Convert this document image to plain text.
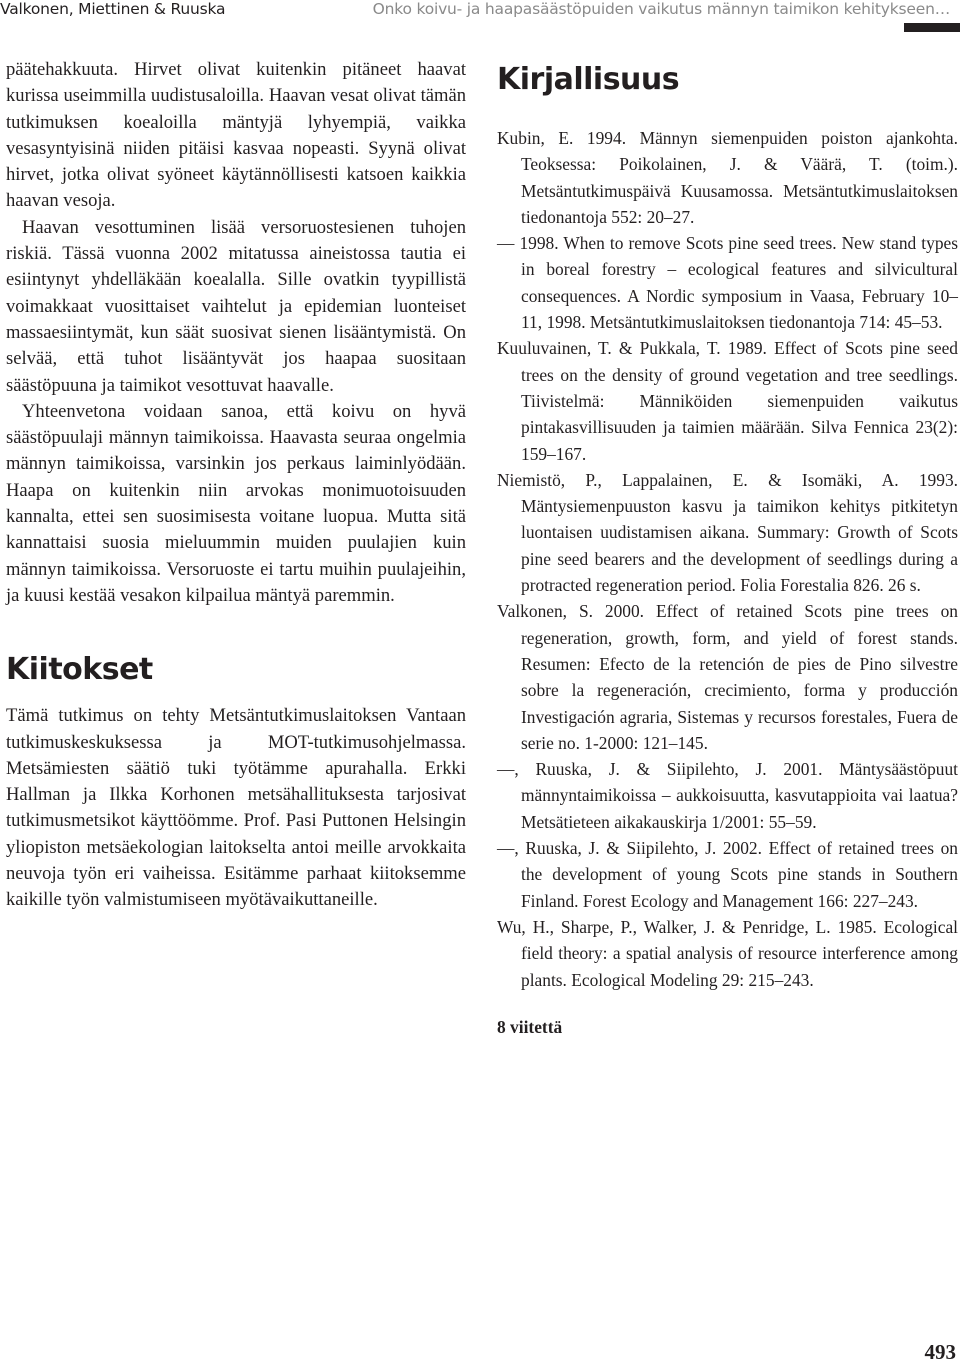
Valkonen, Miettinen & Ruuska	Onko koivu- ja haapasäästöpuiden vaikutus männyn taimikon kehitykseen…

päätehakkuuta. Hirvet olivat kuitenkin pitäneet haavat kurissa useimmilla uudistusaloilla. Haavan vesat olivat tämän tutkimuksen koealoilla mäntyjä lyhyempiä, vaikka vesasyntyisinä niiden pitäisi kasvaa nopeasti. Syynä olivat hirvet, jotka olivat syöneet käytännöllisesti katsoen kaikkia haavan vesoja.

Haavan vesottuminen lisää versoruostesienen tuhojen riskiä. Tässä vuonna 2002 mitatussa aineistossa tautia ei esiintynyt yhdelläkään koealalla. Sille ovatkin tyypillistä voimakkaat vuosittaiset vaihtelut ja epidemian luonteiset massaesiintymät, kun säät suosivat sienen lisääntymistä. On selvää, että tuhot lisääntyvät jos haapaa suositaan säästöpuuna ja taimikot vesottuvat haavalle.

Yhteenvetona voidaan sanoa, että koivu on hyvä säästöpuulaji männyn taimikoissa. Haavasta seuraa ongelmia männyn taimikoissa, varsinkin jos perkaus laiminlyödään. Haapa on kuitenkin niin arvokas monimuotoisuuden kannalta, ettei sen suosimisesta voitane luopua. Mutta sitä kannattaisi suosia mieluummin muiden puulajien kuin männyn taimikoissa. Versoruoste ei tartu muihin puulajeihin, ja kuusi kestää vesakon kilpailua mäntyä paremmin.

Kiitokset

Tämä tutkimus on tehty Metsäntutkimuslaitoksen Vantaan tutkimuskeskuksessa ja MOT-tutkimusohjelmassa. Metsämiesten säätiö tuki työtämme apurahalla. Erkki Hallman ja Ilkka Korhonen metsähallituksesta tarjosivat tutkimusmetsikot käyttöömme. Prof. Pasi Puttonen Helsingin yliopiston metsäekologian laitokselta antoi meille arvokkaita neuvoja työn eri vaiheissa. Esitämme parhaat kiitoksemme kaikille työn valmistumiseen myötävaikuttaneille.

Kirjallisuus

Kubin, E. 1994. Männyn siemenpuiden poiston ajankohta. Teoksessa: Poikolainen, J. & Väärä, T. (toim.). Metsäntutkimuspäivä Kuusamossa. Metsäntutkimuslaitoksen tiedonantoja 552: 20–27.

— 1998. When to remove Scots pine seed trees. New stand types in boreal forestry – ecological features and silvicultural consequences. A Nordic symposium in Vaasa, February 10–11, 1998. Metsäntutkimuslaitoksen tiedonantoja 714: 45–53.

Kuuluvainen, T. & Pukkala, T. 1989. Effect of Scots pine seed trees on the density of ground vegetation and tree seedlings. Tiivistelmä: Männiköiden siemenpuiden vaikutus pintakasvillisuuden ja taimien määrään. Silva Fennica 23(2): 159–167.

Niemistö, P., Lappalainen, E. & Isomäki, A. 1993. Mäntysiemenpuuston kasvu ja taimikon kehitys pitkitetyn luontaisen uudistamisen aikana. Summary: Growth of Scots pine seed bearers and the development of seedlings during a protracted regeneration period. Folia Forestalia 826. 26 s.

Valkonen, S. 2000. Effect of retained Scots pine trees on regeneration, growth, form, and yield of forest stands. Resumen: Efecto de la retención de pies de Pino silvestre sobre la regeneración, crecimiento, forma y producción Investigación agraria, Sistemas y recursos forestales, Fuera de serie no. 1-2000: 121–145.

—, Ruuska, J. & Siipilehto, J. 2001. Mäntysäästöpuut männyntaimikoissa – aukkoisuutta, kasvutappioita vai laatua? Metsätieteen aikakauskirja 1/2001: 55–59.

—, Ruuska, J. & Siipilehto, J. 2002. Effect of retained trees on the development of young Scots pine stands in Southern Finland. Forest Ecology and Management 166: 227–243.

Wu, H., Sharpe, P., Walker, J. & Penridge, L. 1985. Ecological field theory: a spatial analysis of resource interference among plants. Ecological Modeling 29: 215–243.

8 viitettä
493
